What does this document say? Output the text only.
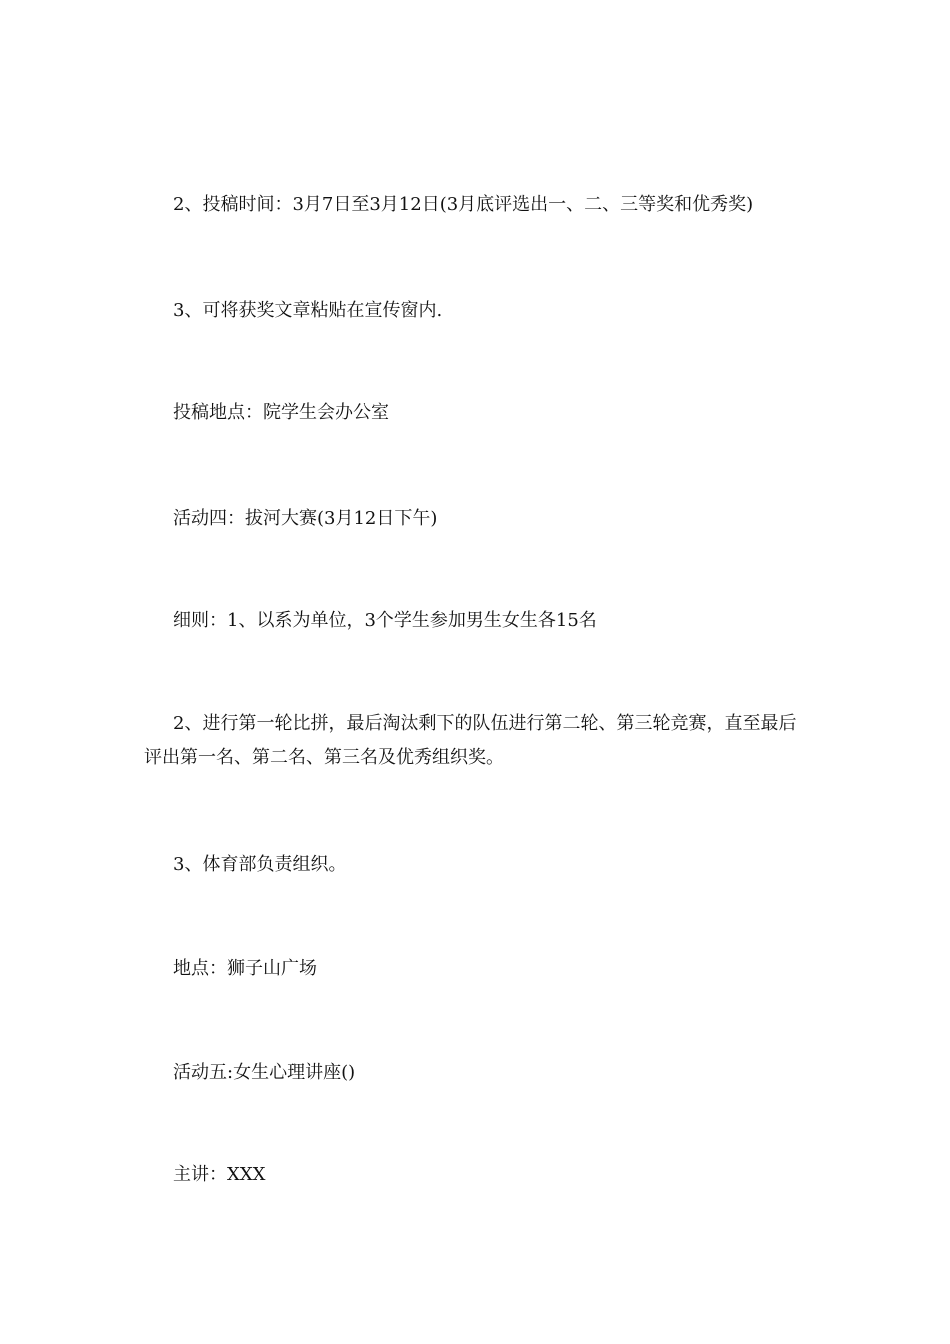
2、投稿时间：3月7日至3月12日(3月底评选出一、二、三等奖和优秀奖)

3、可将获奖文章粘贴在宣传窗内.

投稿地点：院学生会办公室

活动四：拔河大赛(3月12日下午)

细则：1、以系为单位，3个学生参加男生女生各15名

2、进行第一轮比拼，最后淘汰剩下的队伍进行第二轮、第三轮竞赛，直至最后评出第一名、第二名、第三名及优秀组织奖。

3、体育部负责组织。

地点：狮子山广场

活动五:女生心理讲座()

主讲：XXX
